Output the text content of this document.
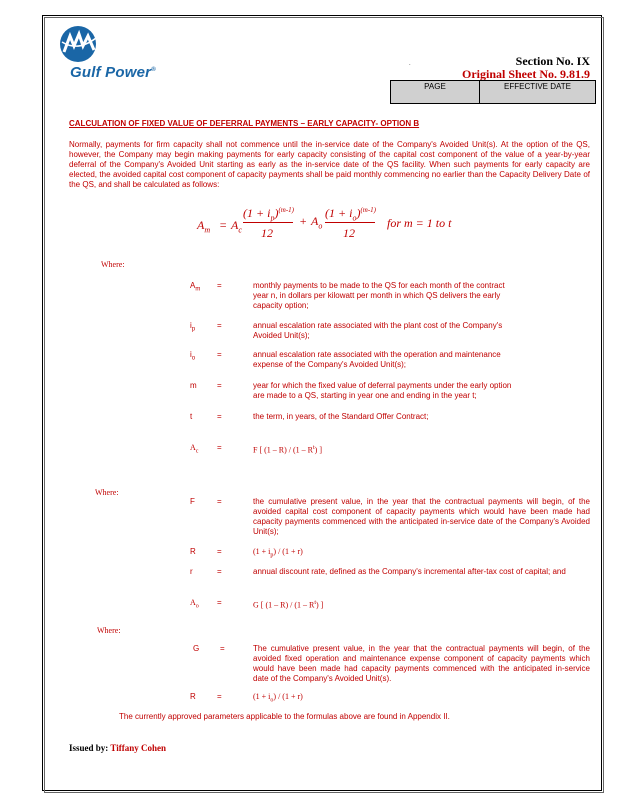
Gulf Power®
.	Section No. IX
Original Sheet No. 9.81.9
PAGE	EFFECTIVE DATE
CALCULATION OF FIXED VALUE OF DEFERRAL PAYMENTS – EARLY CAPACITY- OPTION B

Normally, payments for firm capacity shall not commence until the in-service date of the Company's Avoided Unit(s). At the option of the QS, however, the Company may begin making payments for early capacity consisting of the capital cost component of the value of a year-by-year deferral of the Company's Avoided Unit starting as early as the in-service date of the QS facility. When such payments for early capacity are elected, the avoided capital cost component of capacity payments shall be paid monthly commencing no earlier than the Capacity Delivery Date of the QS, and shall be calculated as follows:

$A_m = A_c$
$(1 + i_p)^{(m-1)}$
12
+ $A_o$
$(1 + i_o)^{(m-1)}$
12
for m = 1 to t
Where:
$A_m$ =	monthly payments to be made to the QS for each month of the contract year n, in dollars per kilowatt per month in which QS delivers the early capacity option;

$i_p$	=	annual escalation rate associated with the plant cost of the Company's Avoided Unit(s);

$i_o$	=	annual escalation rate associated with the operation and maintenance expense of the Company's Avoided Unit(s);

m	=	year for which the fixed value of deferral payments under the early option are made to a QS, starting in year one and ending in the year t;

t	=	the term, in years, of the Standard Offer Contract;

$A_c$ =	F [ $(1 - R) / (1 - R^t)$ ]

Where:
F	=	the cumulative present value, in the year that the contractual payments will begin, of the avoided capital cost component of capacity payments which would have been made had capacity payments commenced with the anticipated in-service date of the Company's Avoided Unit(s);

R	=	$(1 + i_p) / (1 + r)$

r	=	annual discount rate, defined as the Company's incremental after-tax cost of capital; and

$A_o$ =	G [ $(1 - R) / (1 - R^t)$ ]

Where:
G	=	The cumulative present value, in the year that the contractual payments will begin, of the avoided fixed operation and maintenance expense component of capacity payments which would have been made had capacity payments commenced with the anticipated in-service date of the Company's Avoided Unit(s).

R	=	$(1 + i_o) / (1 + r)$

The currently approved parameters applicable to the formulas above are found in Appendix II.
Issued by: Tiffany Cohen
